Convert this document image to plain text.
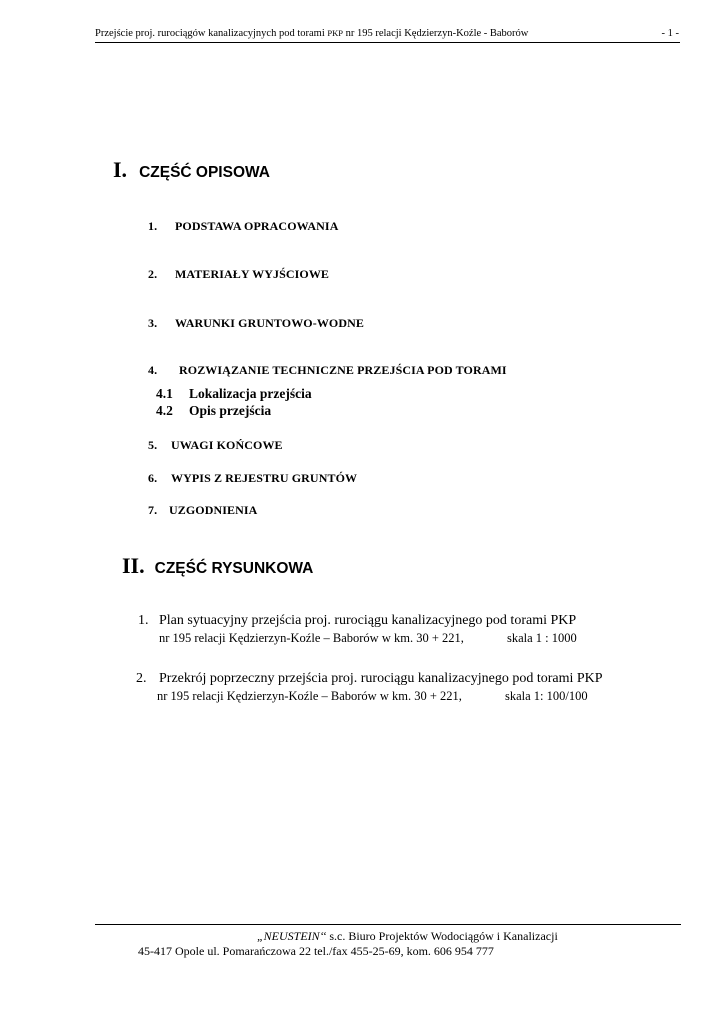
Przejście proj. rurociągów kanalizacyjnych pod torami PKP nr 195 relacji Kędzierzyn-Koźle - Baborów	- 1 -
I. CZĘŚĆ OPISOWA
1. PODSTAWA OPRACOWANIA
2. MATERIAŁY WYJŚCIOWE
3. WARUNKI GRUNTOWO-WODNE
4. ROZWIĄZANIE TECHNICZNE PRZEJŚCIA POD TORAMI
4.1 Lokalizacja przejścia
4.2 Opis przejścia
5. UWAGI KOŃCOWE
6. WYPIS Z REJESTRU GRUNTÓW
7. UZGODNIENIA
II. CZĘŚĆ RYSUNKOWA
1. Plan sytuacyjny przejścia proj. rurociągu kanalizacyjnego pod torami PKP
nr 195 relacji Kędzierzyn-Koźle – Baborów w km. 30 + 221,	skala 1 : 1000
2. Przekrój poprzeczny przejścia proj. rurociągu kanalizacyjnego pod torami PKP
nr 195 relacji Kędzierzyn-Koźle – Baborów w km. 30 + 221,	skala 1: 100/100
„NEUSTEIN‘‘ s.c. Biuro Projektów Wodociągów i Kanalizacji
45-417 Opole ul. Pomarańczowa 22 tel./fax 455-25-69, kom. 606 954 777
